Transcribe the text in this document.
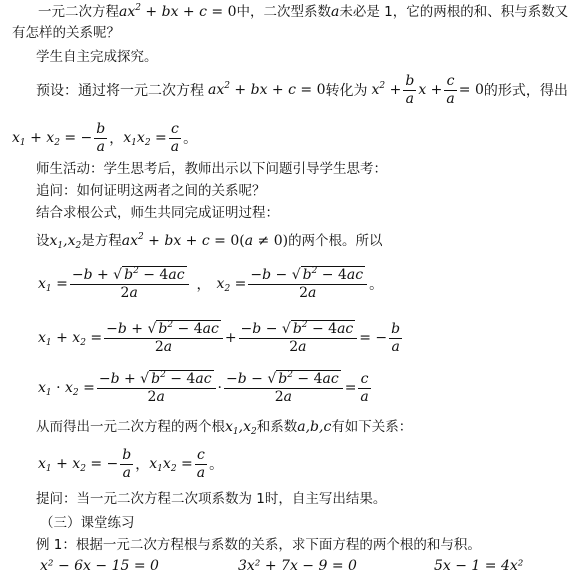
一元二次方程$ax^2$ + bx + c = 0中，二次型系数a未必是 1，它的两根的和、积与系数又
有怎样的关系呢？
学生自主完成探究。
预设：通过将一元二次方程 $ax^2$ + bx + c = 0 转化为 $x^2 + \frac{b}{a}$ $x + \frac{c}{a} = 0$ 的形式，得出
$x_1 + x_2$ = − $\frac{b}{a}$ ， $x_1x_2 = \frac{c}{a}$ 。
师生活动：学生思考后，教师出示以下问题引导学生思考：
追问：如何证明这两者之间的关系呢？
结合求根公式，师生共同完成证明过程：
设$x_1,x_2$是方程$ax^2$ + bx + c = 0(a ≠ 0)的两个根。所以
$x_1 = \frac{-b + √ b^2 - 4ac}{2a}$ ， $x_2 = \frac{-b - √ b^2 - 4ac}{2a}$ 。
$x_1 + x_2 = \frac{-b + √ b^2 - 4ac}{2a} + \frac{-b - √ b^2 - 4ac}{2a}$ = − $\frac{b}{a}$
$x_1 \cdot x_2 = \frac{-b + √ b^2 - 4ac}{2a} \cdot \frac{-b - √ b^2 - 4ac}{2a} = \frac{c}{a}$
从而得出一元二次方程的两个根$x_1,x_2$和系数a,b,c有如下关系：
$x_1 + x_2$ = − $\frac{b}{a}$ ， $x_1x_2 = \frac{c}{a}$ 。
提问：当一元二次方程二次项系数为 1时，自主写出结果。
（三）课堂练习
例 1：根据一元二次方程根与系数的关系，求下面方程的两个根的和与积。
x² − 6x − 15 = 0	3x² + 7x − 9 = 0	5x − 1 = 4x²
